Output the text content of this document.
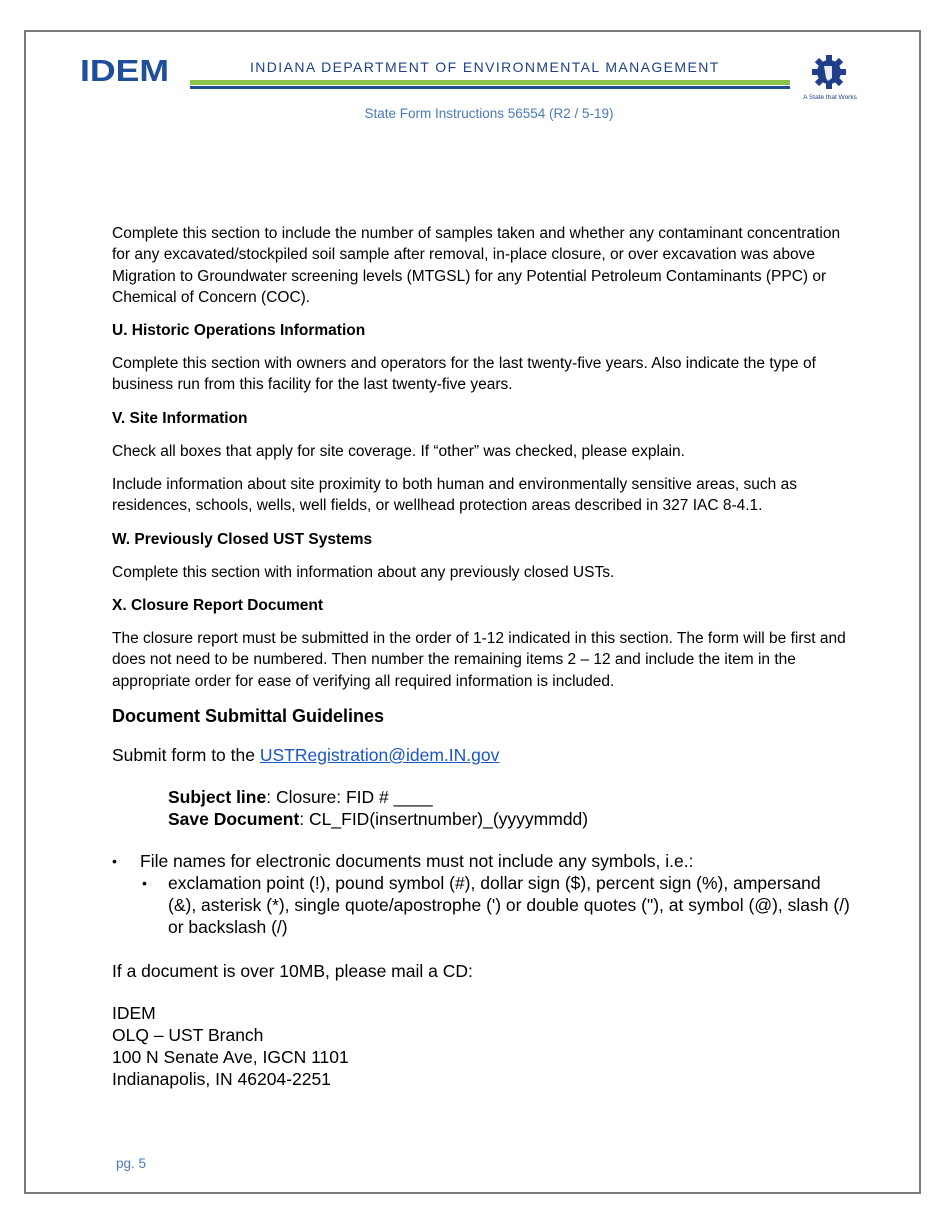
IDEM	INDIANA DEPARTMENT OF ENVIRONMENTAL MANAGEMENT
A State that Works
State Form Instructions 56554 (R2 / 5-19)

Complete this section to include the number of samples taken and whether any contaminant concentration for any excavated/stockpiled soil sample after removal, in-place closure, or over excavation was above Migration to Groundwater screening levels (MTGSL) for any Potential Petroleum Contaminants (PPC) or Chemical of Concern (COC).

U. Historic Operations Information

Complete this section with owners and operators for the last twenty-five years. Also indicate the type of business run from this facility for the last twenty-five years.

V. Site Information

Check all boxes that apply for site coverage. If “other” was checked, please explain.

Include information about site proximity to both human and environmentally sensitive areas, such as residences, schools, wells, well fields, or wellhead protection areas described in 327 IAC 8-4.1.

W. Previously Closed UST Systems

Complete this section with information about any previously closed USTs.

X. Closure Report Document

The closure report must be submitted in the order of 1-12 indicated in this section. The form will be first and does not need to be numbered. Then number the remaining items 2 – 12 and include the item in the appropriate order for ease of verifying all required information is included.

Document Submittal Guidelines

Submit form to the USTRegistration@idem.IN.gov

Subject line: Closure: FID # ____
Save Document: CL_FID(insertnumber)_(yyyymmdd)
• File names for electronic documents must not include any symbols, i.e.:
• exclamation point (!), pound symbol (#), dollar sign ($), percent sign (%), ampersand (&), asterisk (*), single quote/apostrophe (') or double quotes ("), at symbol (@), slash (/) or backslash (/)

If a document is over 10MB, please mail a CD:

IDEM
OLQ – UST Branch
100 N Senate Ave, IGCN 1101
Indianapolis, IN 46204-2251
pg. 5
